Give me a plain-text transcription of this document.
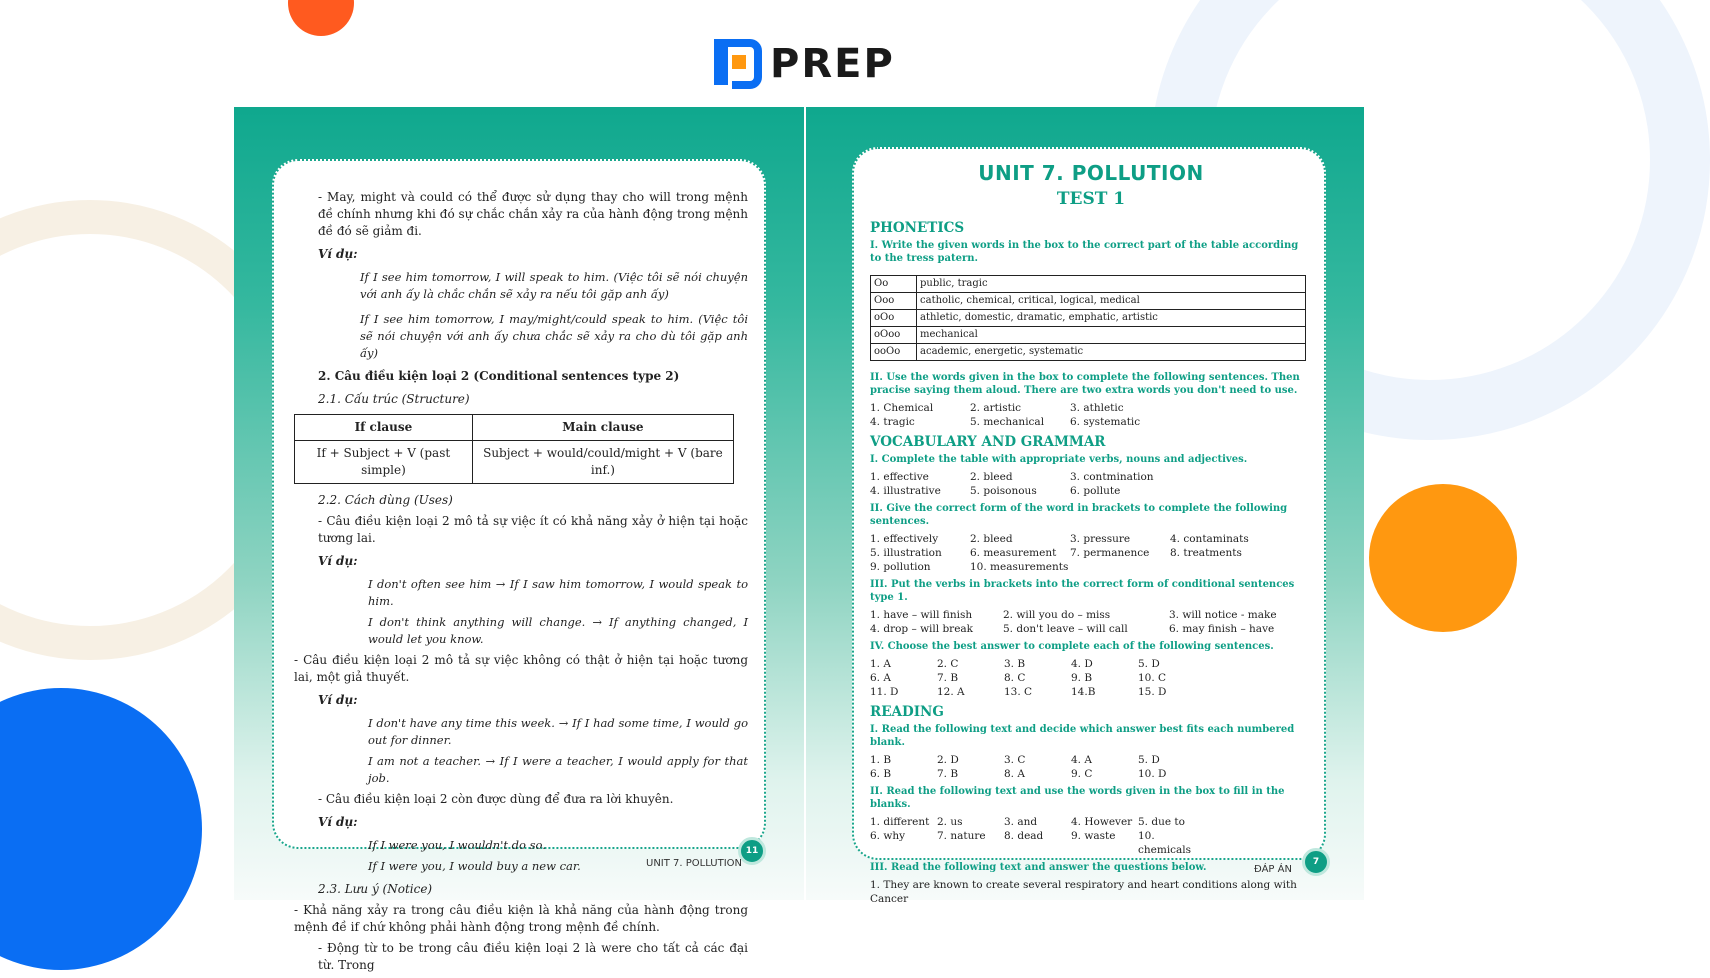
PREP

- May, might và could có thể được sử dụng thay cho will trong mệnh đề chính nhưng khi đó sự chắc chắn xảy ra của hành động trong mệnh đề đó sẽ giảm đi.

Ví dụ:

If I see him tomorrow, I will speak to him. (Việc tôi sẽ nói chuyện với anh ấy là chắc chắn sẽ xảy ra nếu tôi gặp anh ấy)

If I see him tomorrow, I may/might/could speak to him. (Việc tôi sẽ nói chuyện với anh ấy chưa chắc sẽ xảy ra cho dù tôi gặp anh ấy)

2. Câu điều kiện loại 2 (Conditional sentences type 2)

2.1. Cấu trúc (Structure)

If clause	Main clause
If + Subject + V (past simple)	Subject + would/could/might + V (bare inf.)

2.2. Cách dùng (Uses)

- Câu điều kiện loại 2 mô tả sự việc ít có khả năng xảy ở hiện tại hoặc tương lai.

Ví dụ:

I don't often see him → If I saw him tomorrow, I would speak to him.

I don't think anything will change. → If anything changed, I would let you know.

- Câu điều kiện loại 2 mô tả sự việc không có thật ở hiện tại hoặc tương lai, một giả thuyết.

Ví dụ:

I don't have any time this week. → If I had some time, I would go out for dinner.

I am not a teacher. → If I were a teacher, I would apply for that job.

- Câu điều kiện loại 2 còn được dùng để đưa ra lời khuyên.

Ví dụ:

If I were you, I wouldn't do so.

If I were you, I would buy a new car.

2.3. Lưu ý (Notice)

- Khả năng xảy ra trong câu điều kiện là khả năng của hành động trong mệnh đề if chứ không phải hành động trong mệnh đề chính.

- Động từ to be trong câu điều kiện loại 2 là were cho tất cả các đại từ. Trong

11
UNIT 7. POLLUTION
UNIT 7. POLLUTION
TEST 1
PHONETICS
I. Write the given words in the box to the correct part of the table according to the tress patern.
Oo	public, tragic
Ooo	catholic, chemical, critical, logical, medical
oOo	athletic, domestic, dramatic, emphatic, artistic
oOoo	mechanical
ooOo	academic, energetic, systematic
II. Use the words given in the box to complete the following sentences. Then pracise saying them aloud. There are two extra words you don't need to use.
1. Chemical	2. artistic	3. athletic
4. tragic	5. mechanical	6. systematic
VOCABULARY AND GRAMMAR
I. Complete the table with appropriate verbs, nouns and adjectives.
1. effective	2. bleed	3. contmination
4. illustrative	5. poisonous	6. pollute
II. Give the correct form of the word in brackets to complete the following sentences.
1. effectively	2. bleed	3. pressure	4. contaminats
5. illustration	6. measurement	7. permanence	8. treatments
9. pollution	10. measurements
III. Put the verbs in brackets into the correct form of conditional sentences type 1.
1. have – will finish	2. will you do – miss	3. will notice - make
4. drop – will break	5. don't leave – will call	6. may finish – have
IV. Choose the best answer to complete each of the following sentences.
1. A	2. C	3. B	4. D	5. D
6. A	7. B	8. C	9. B	10. C
11. D	12. A	13. C	14.B	15. D
READING
I. Read the following text and decide which answer best fits each numbered blank.
1. B	2. D	3. C	4. A	5. D
6. B	7. B	8. A	9. C	10. D
II. Read the following text and use the words given in the box to fill in the blanks.
1. different 2. us	3. and	4. However 5. due to
6. why	7. nature	8. dead	9. waste	10. chemicals
III. Read the following text and answer the questions below.
1. They are known to create several respiratory and heart conditions along with Cancer
7
ĐÁP ÁN
